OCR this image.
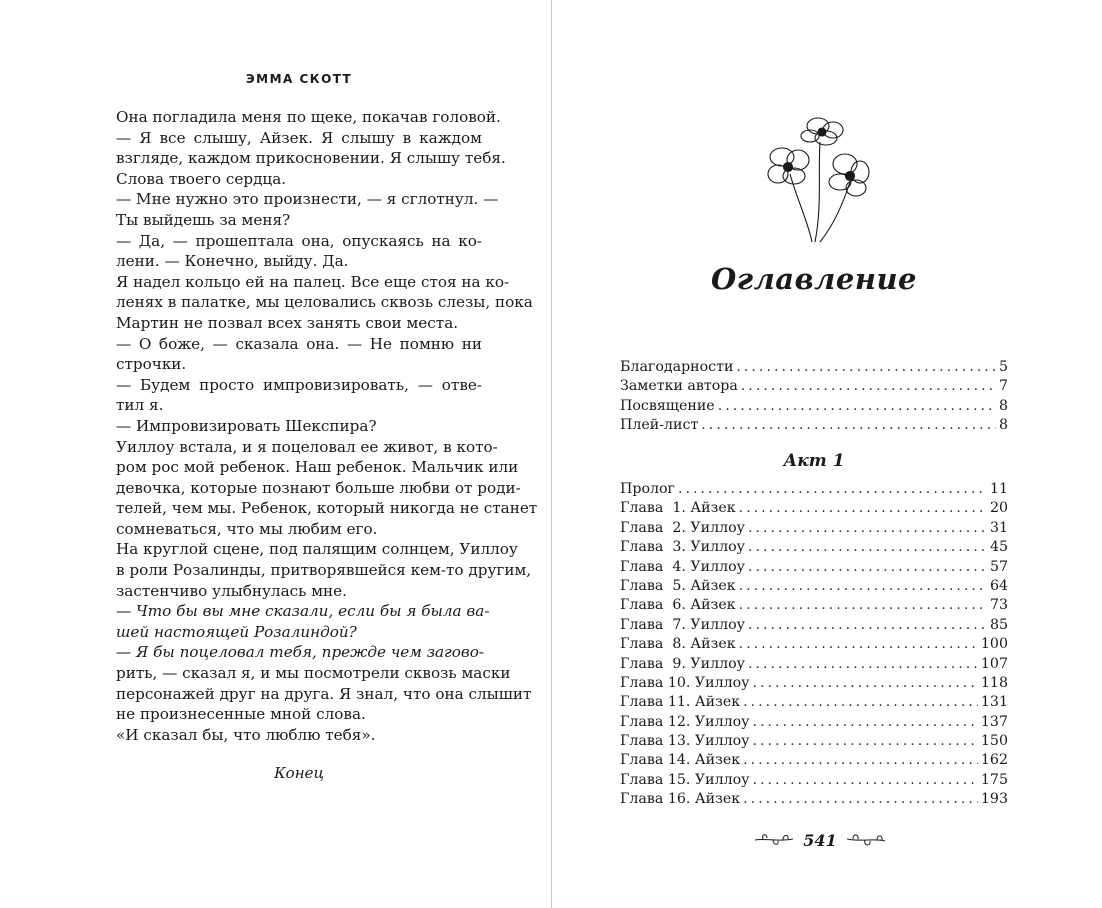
ЭММА СКОТТ
Она погладила меня по щеке, покачав головой.
— Я все слышу, Айзек. Я слышу в каждом
взгляде, каждом прикосновении. Я слышу тебя.
Слова твоего сердца.
— Мне нужно это произнести, — я сглотнул. —
Ты выйдешь за меня?
— Да, — прошептала она, опускаясь на ко-
лени. — Конечно, выйду. Да.
Я надел кольцо ей на палец. Все еще стоя на ко-
ленях в палатке, мы целовались сквозь слезы, пока
Мартин не позвал всех занять свои места.
— О боже, — сказала она. — Не помню ни
строчки.
— Будем просто импровизировать, — отве-
тил я.
— Импровизировать Шекспира?
Уиллоу встала, и я поцеловал ее живот, в кото-
ром рос мой ребенок. Наш ребенок. Мальчик или
девочка, которые познают больше любви от роди-
телей, чем мы. Ребенок, который никогда не станет
сомневаться, что мы любим его.
На круглой сцене, под палящим солнцем, Уиллоу
в роли Розалинды, притворявшейся кем-то другим,
застенчиво улыбнулась мне.
— Что бы вы мне сказали, если бы я была ва-
шей настоящей Розалиндой?
— Я бы поцеловал тебя, прежде чем загово-
рить, — сказал я, и мы посмотрели сквозь маски
персонажей друг на друга. Я знал, что она слышит
не произнесенные мной слова.
«И сказал бы, что люблю тебя».
Конец
Оглавление
Благодарности .....	5
Заметки автора .....	7
Посвящение .....	8
Плей-лист .....	8
Акт 1
Пролог .....	11
Глава  1. Айзек .....	20
Глава  2. Уиллоу .....	31
Глава  3. Уиллоу .....	45
Глава  4. Уиллоу .....	57
Глава  5. Айзек .....	64
Глава  6. Айзек .....	73
Глава  7. Уиллоу .....	85
Глава  8. Айзек .....	100
Глава  9. Уиллоу .....	107
Глава 10. Уиллоу .....	118
Глава 11. Айзек .....	131
Глава 12. Уиллоу .....	137
Глава 13. Уиллоу .....	150
Глава 14. Айзек .....	162
Глава 15. Уиллоу .....	175
Глава 16. Айзек .....	193
541
